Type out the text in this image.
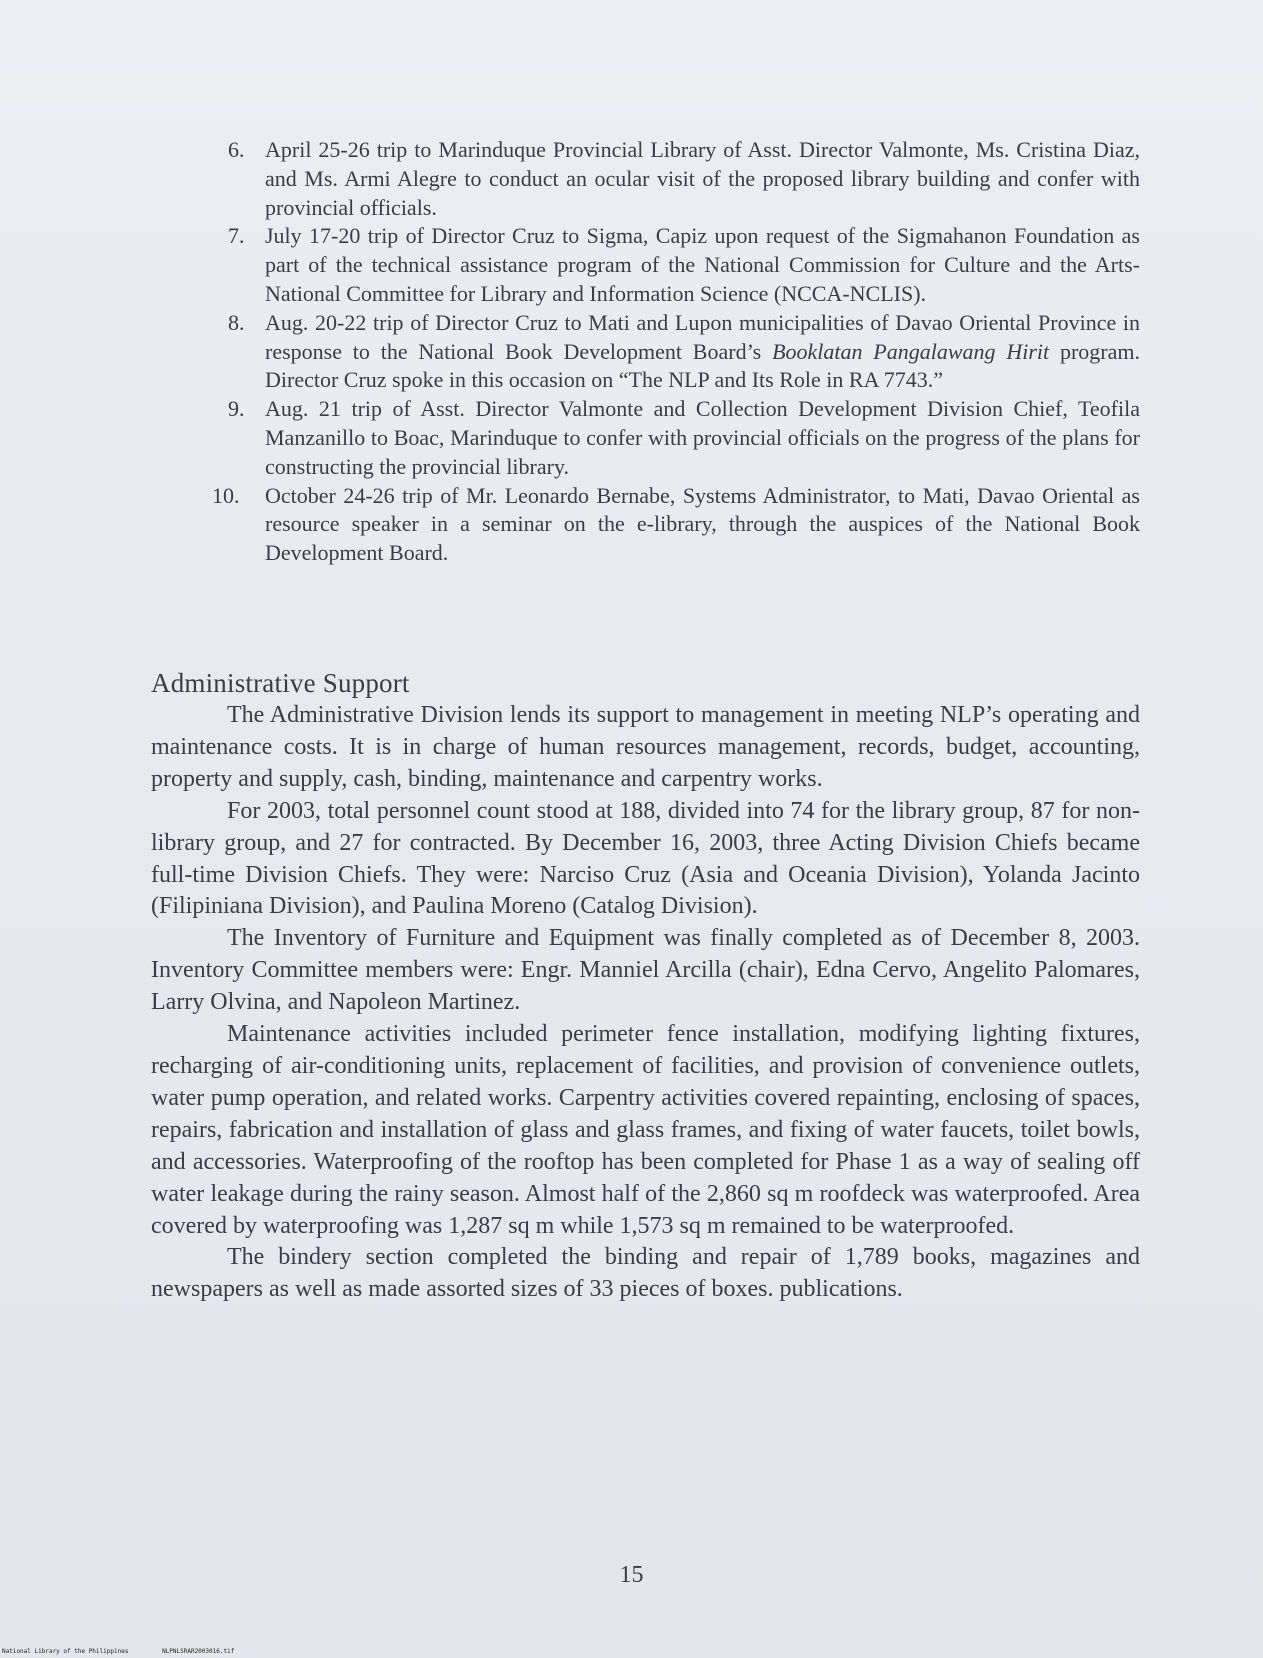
6. April 25-26 trip to Marinduque Provincial Library of Asst. Director Valmonte, Ms. Cristina Diaz, and Ms. Armi Alegre to conduct an ocular visit of the proposed library building and confer with provincial officials.
7. July 17-20 trip of Director Cruz to Sigma, Capiz upon request of the Sigmahanon Foundation as part of the technical assistance program of the National Commission for Culture and the Arts-National Committee for Library and Information Science (NCCA-NCLIS).
8. Aug. 20-22 trip of Director Cruz to Mati and Lupon municipalities of Davao Oriental Province in response to the National Book Development Board’s Booklatan Pangalawang Hirit program. Director Cruz spoke in this occasion on “The NLP and Its Role in RA 7743.”
9. Aug. 21 trip of Asst. Director Valmonte and Collection Development Division Chief, Teofila Manzanillo to Boac, Marinduque to confer with provincial officials on the progress of the plans for constructing the provincial library.
10. October 24-26 trip of Mr. Leonardo Bernabe, Systems Administrator, to Mati, Davao Oriental as resource speaker in a seminar on the e-library, through the auspices of the National Book Development Board.
Administrative Support

The Administrative Division lends its support to management in meeting NLP’s operating and maintenance costs. It is in charge of human resources management, records, budget, accounting, property and supply, cash, binding, maintenance and carpentry works.

For 2003, total personnel count stood at 188, divided into 74 for the library group, 87 for non-library group, and 27 for contracted. By December 16, 2003, three Acting Division Chiefs became full-time Division Chiefs. They were: Narciso Cruz (Asia and Oceania Division), Yolanda Jacinto (Filipiniana Division), and Paulina Moreno (Catalog Division).

The Inventory of Furniture and Equipment was finally completed as of December 8, 2003. Inventory Committee members were: Engr. Manniel Arcilla (chair), Edna Cervo, Angelito Palomares, Larry Olvina, and Napoleon Martinez.

Maintenance activities included perimeter fence installation, modifying lighting fixtures, recharging of air-conditioning units, replacement of facilities, and provision of convenience outlets, water pump operation, and related works. Carpentry activities covered repainting, enclosing of spaces, repairs, fabrication and installation of glass and glass frames, and fixing of water faucets, toilet bowls, and accessories. Waterproofing of the rooftop has been completed for Phase 1 as a way of sealing off water leakage during the rainy season. Almost half of the 2,860 sq m roofdeck was waterproofed. Area covered by waterproofing was 1,287 sq m while 1,573 sq m remained to be waterproofed.

The bindery section completed the binding and repair of 1,789 books, magazines and newspapers as well as made assorted sizes of 33 pieces of boxes. publications.

15
National Library of the Philippines	NLPNLSRAR2003016.tif
